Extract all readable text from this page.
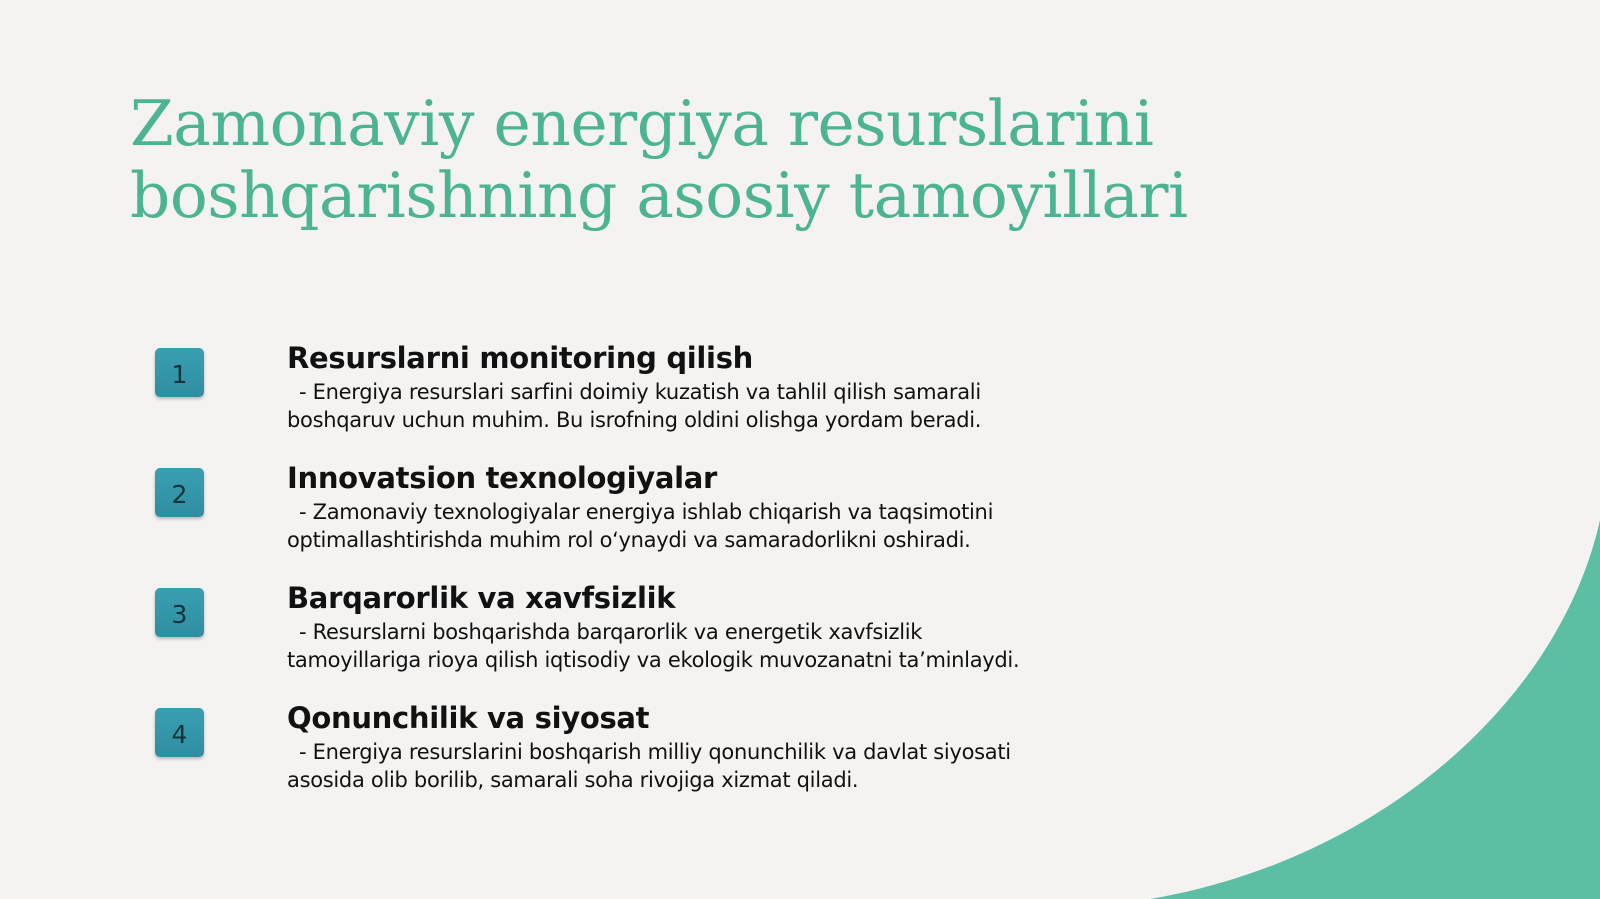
Zamonaviy energiya resurslarini
boshqarishning asosiy tamoyillari
1	Resurslarni monitoring qilish
- Energiya resurslari sarfini doimiy kuzatish va tahlil qilish samarali
boshqaruv uchun muhim. Bu isrofning oldini olishga yordam beradi.
2	Innovatsion texnologiyalar
- Zamonaviy texnologiyalar energiya ishlab chiqarish va taqsimotini
optimallashtirishda muhim rol o‘ynaydi va samaradorlikni oshiradi.
3	Barqarorlik va xavfsizlik
- Resurslarni boshqarishda barqarorlik va energetik xavfsizlik
tamoyillariga rioya qilish iqtisodiy va ekologik muvozanatni ta’minlaydi.
4	Qonunchilik va siyosat
- Energiya resurslarini boshqarish milliy qonunchilik va davlat siyosati
asosida olib borilib, samarali soha rivojiga xizmat qiladi.
